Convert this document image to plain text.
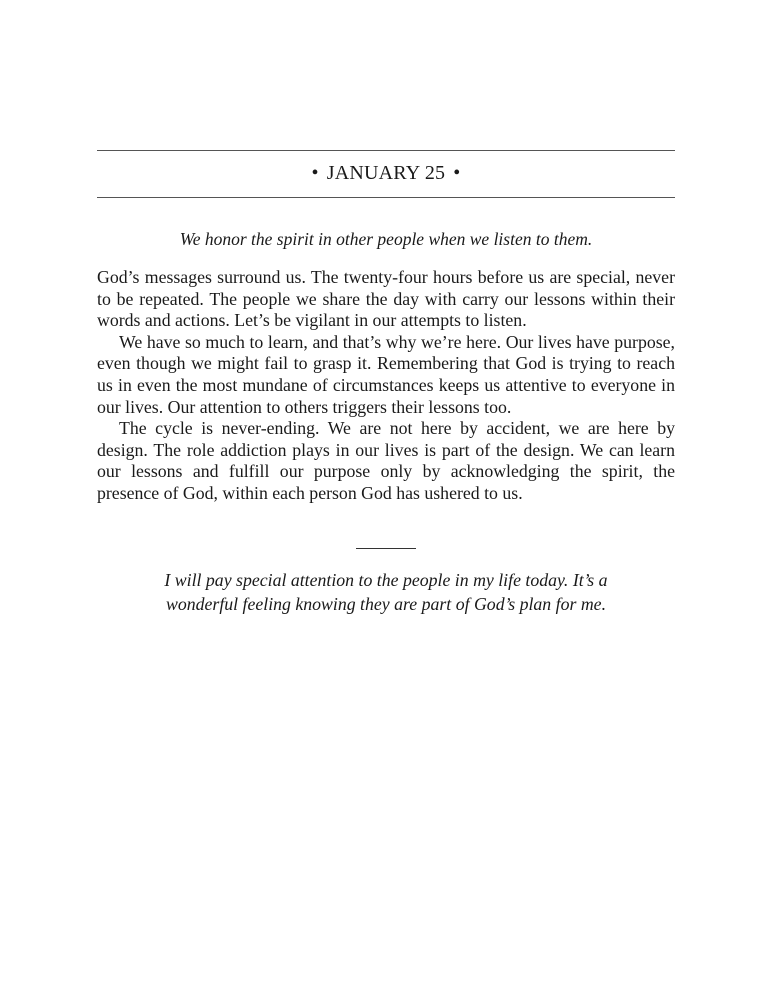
• JANUARY 25 •
We honor the spirit in other people when we listen to them.

God’s messages surround us. The twenty-four hours before us are special, never to be repeated. The people we share the day with carry our lessons within their words and actions. Let’s be vigilant in our attempts to listen.

We have so much to learn, and that’s why we’re here. Our lives have purpose, even though we might fail to grasp it. Remembering that God is trying to reach us in even the most mundane of circumstances keeps us attentive to everyone in our lives. Our attention to others triggers their lessons too.

The cycle is never-ending. We are not here by accident, we are here by design. The role addiction plays in our lives is part of the design. We can learn our lessons and fulfill our purpose only by acknowledging the spirit, the presence of God, within each person God has ushered to us.

I will pay special attention to the people in my life today. It’s a
wonderful feeling knowing they are part of God’s plan for me.
